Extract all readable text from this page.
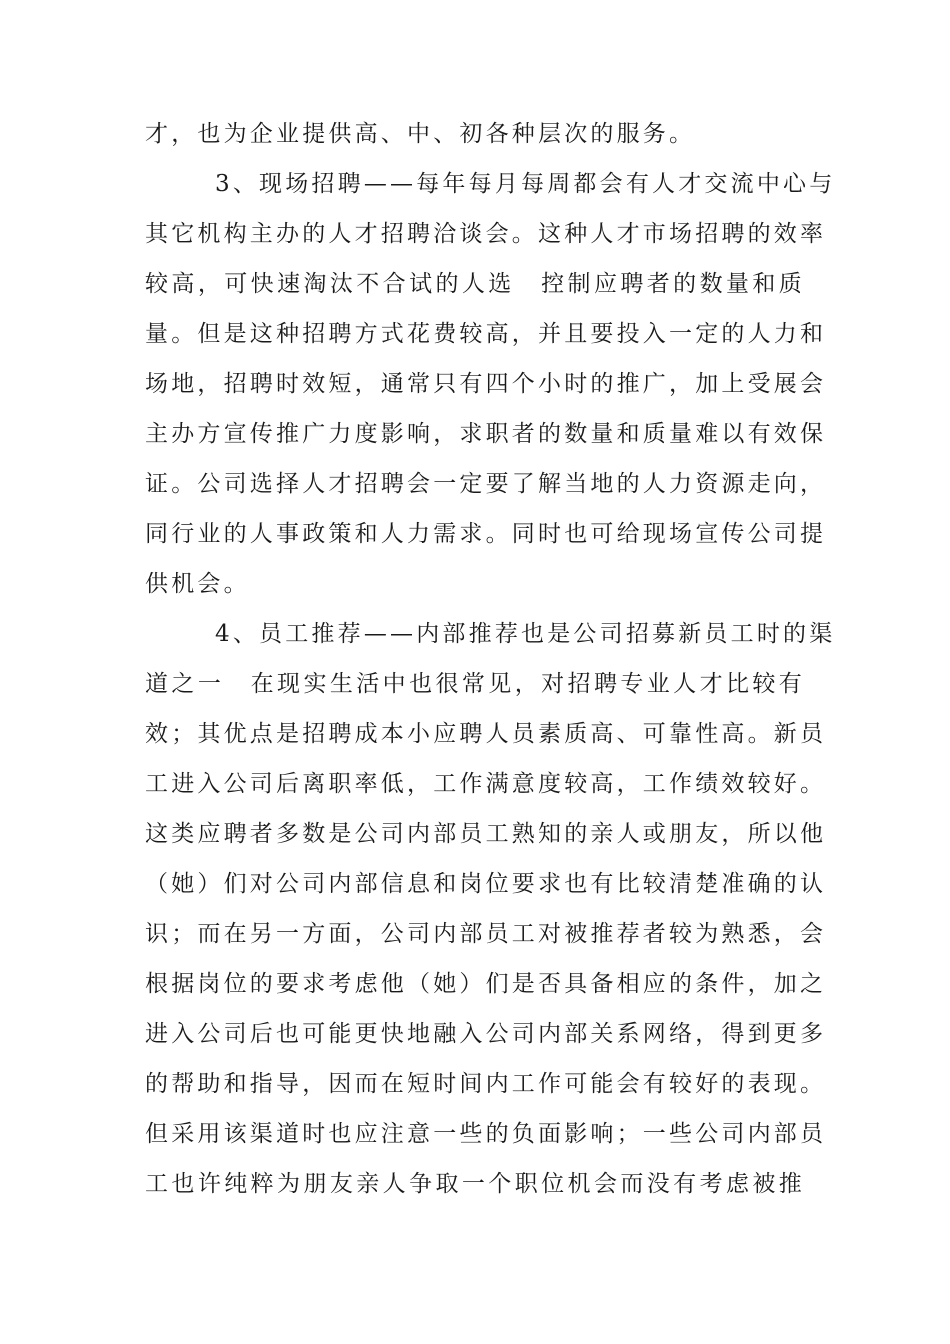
才，也为企业提供高、中、初各种层次的服务。
3、现场招聘——每年每月每周都会有人才交流中心与
其它机构主办的人才招聘洽谈会。这种人才市场招聘的效率
较高，可快速淘汰不合试的人选　控制应聘者的数量和质
量。但是这种招聘方式花费较高，并且要投入一定的人力和
场地，招聘时效短，通常只有四个小时的推广，加上受展会
主办方宣传推广力度影响，求职者的数量和质量难以有效保
证。公司选择人才招聘会一定要了解当地的人力资源走向，
同行业的人事政策和人力需求。同时也可给现场宣传公司提
供机会。
4、员工推荐——内部推荐也是公司招募新员工时的渠
道之一　在现实生活中也很常见，对招聘专业人才比较有
效；其优点是招聘成本小应聘人员素质高、可靠性高。新员
工进入公司后离职率低，工作满意度较高，工作绩效较好。
这类应聘者多数是公司内部员工熟知的亲人或朋友，所以他
（她）们对公司内部信息和岗位要求也有比较清楚准确的认
识；而在另一方面，公司内部员工对被推荐者较为熟悉，会
根据岗位的要求考虑他（她）们是否具备相应的条件，加之
进入公司后也可能更快地融入公司内部关系网络，得到更多
的帮助和指导，因而在短时间内工作可能会有较好的表现。
但采用该渠道时也应注意一些的负面影响；一些公司内部员
工也许纯粹为朋友亲人争取一个职位机会而没有考虑被推
